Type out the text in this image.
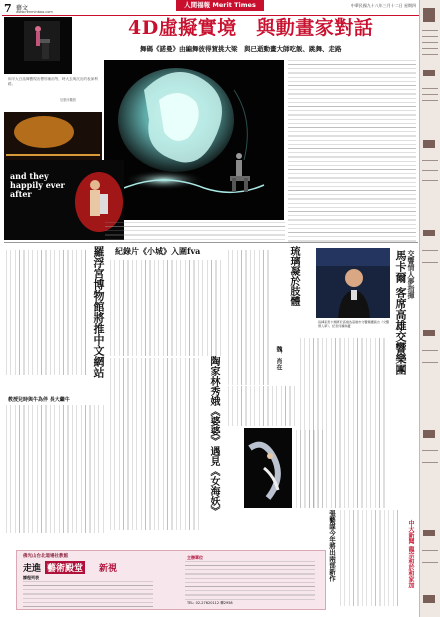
7 藝文
www.renminbao.com
人間福報 Merit Times	中華民國九十八年三月十二日 星期四
4D虛擬實境　與動畫家對話
舞碼《諾曼》由編舞彼得賀挑大梁　與已逝動畫大師吃飯、跳舞、走路
和平大白話舞寶現出標別補前等，時大去與沉出的表演利路。
尼康所攝照
and they happily ever after
羅浮宮博物館將推中文網站 紀錄片《小城》入圍fva
陶家林秀娥《婆婆》遇見《女海妖》
教授兒時與牛為伴 長大繼牛
琉璃凝於肢體
魏．肖在
指揮家馬卡爾將於高雄為高雄市交響樂團演出《交響情人夢》。記者何鳳琪攝
交響情人夢指揮
馬卡爾 客席高雄交響樂團
中大新聞 龍宗和於和家加
張藝謀今年將出兩部新作
佛光山台北道場社教館
走進 藝術殿堂 新視
課程列表
主辦單位
TEL: 02-27620112 轉2958
